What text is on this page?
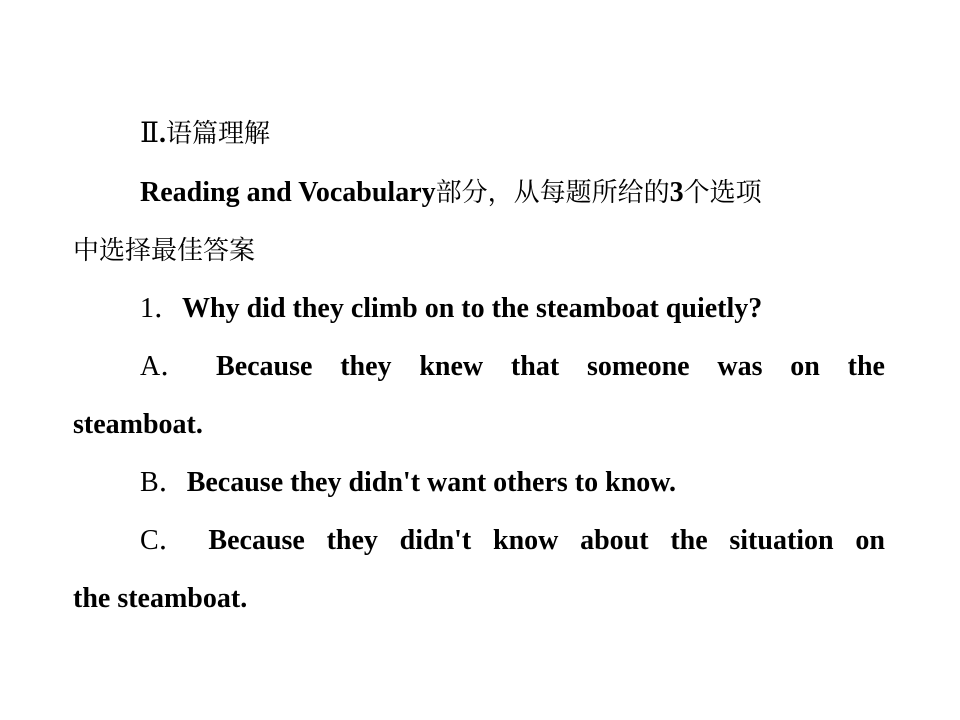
Ⅱ.语篇理解
Reading and Vocabulary部分，从每题所给的3个选项
中选择最佳答案
1．Why did they climb on to the steamboat quietly?
A． Because they knew that someone was on the
steamboat.
B．Because they didn't want others to know.
C． Because they didn't know about the situation on
the steamboat.
